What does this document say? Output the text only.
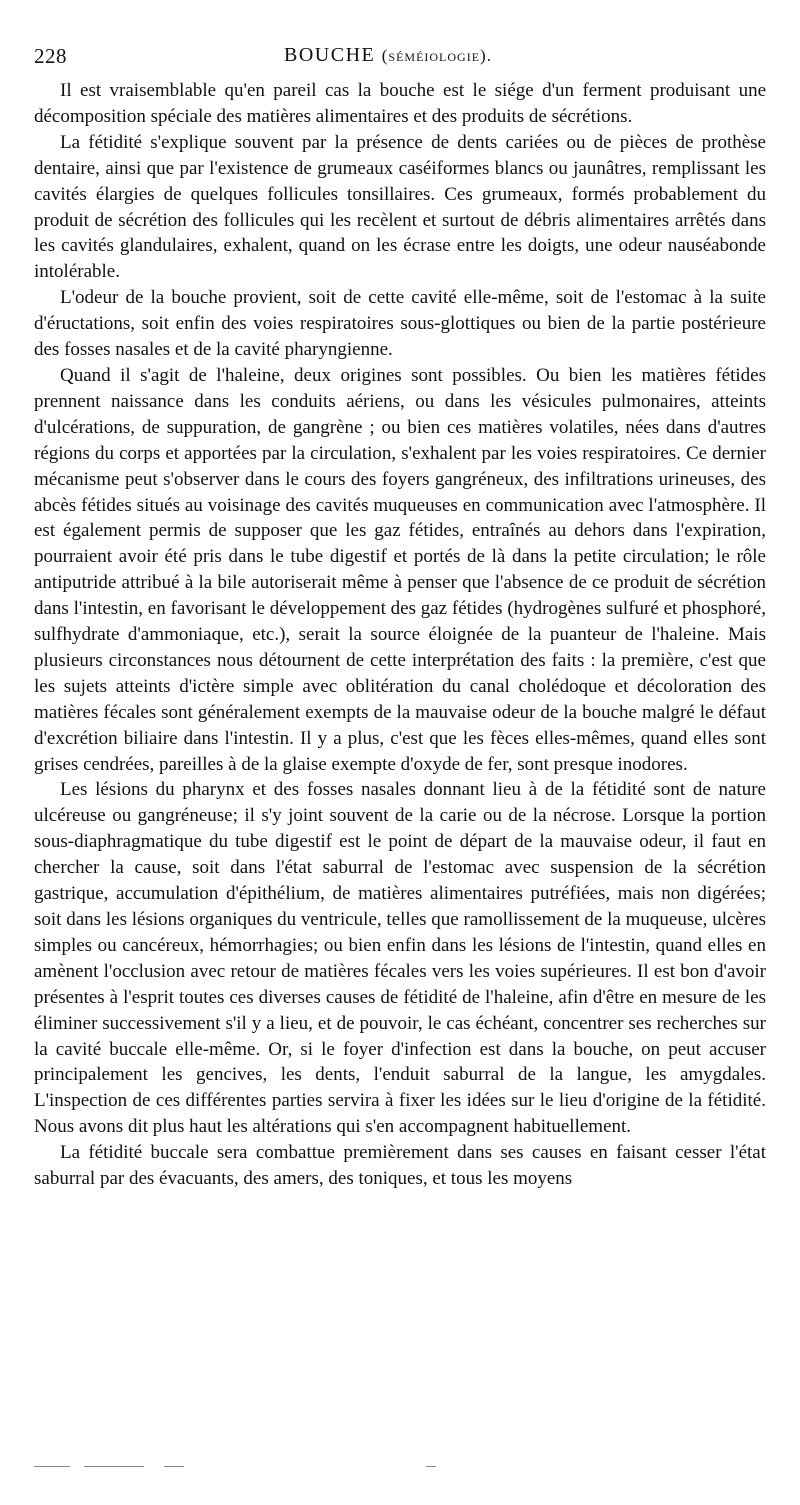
228	BOUCHE (séméiologie).

Il est vraisemblable qu'en pareil cas la bouche est le siége d'un ferment produisant une décomposition spéciale des matières alimentaires et des produits de sécrétions.

La fétidité s'explique souvent par la présence de dents cariées ou de pièces de prothèse dentaire, ainsi que par l'existence de grumeaux caséiformes blancs ou jaunâtres, remplissant les cavités élargies de quelques follicules tonsillaires. Ces grumeaux, formés probablement du produit de sécrétion des follicules qui les recèlent et surtout de débris alimentaires arrêtés dans les cavités glandulaires, exhalent, quand on les écrase entre les doigts, une odeur nauséabonde intolérable.

L'odeur de la bouche provient, soit de cette cavité elle-même, soit de l'estomac à la suite d'éructations, soit enfin des voies respiratoires sous-glottiques ou bien de la partie postérieure des fosses nasales et de la cavité pharyngienne.

Quand il s'agit de l'haleine, deux origines sont possibles. Ou bien les matières fétides prennent naissance dans les conduits aériens, ou dans les vésicules pulmonaires, atteints d'ulcérations, de suppuration, de gangrène ; ou bien ces matières volatiles, nées dans d'autres régions du corps et apportées par la circulation, s'exhalent par les voies respiratoires. Ce dernier mécanisme peut s'observer dans le cours des foyers gangréneux, des infiltrations urineuses, des abcès fétides situés au voisinage des cavités muqueuses en communication avec l'atmosphère. Il est également permis de supposer que les gaz fétides, entraînés au dehors dans l'expiration, pourraient avoir été pris dans le tube digestif et portés de là dans la petite circulation; le rôle antiputride attribué à la bile autoriserait même à penser que l'absence de ce produit de sécrétion dans l'intestin, en favorisant le développement des gaz fétides (hydrogènes sulfuré et phosphoré, sulfhydrate d'ammoniaque, etc.), serait la source éloignée de la puanteur de l'haleine. Mais plusieurs circonstances nous détournent de cette interprétation des faits : la première, c'est que les sujets atteints d'ictère simple avec oblitération du canal cholédoque et décoloration des matières fécales sont généralement exempts de la mauvaise odeur de la bouche malgré le défaut d'excrétion biliaire dans l'intestin. Il y a plus, c'est que les fèces elles-mêmes, quand elles sont grises cendrées, pareilles à de la glaise exempte d'oxyde de fer, sont presque inodores.

Les lésions du pharynx et des fosses nasales donnant lieu à de la fétidité sont de nature ulcéreuse ou gangréneuse; il s'y joint souvent de la carie ou de la nécrose. Lorsque la portion sous-diaphragmatique du tube digestif est le point de départ de la mauvaise odeur, il faut en chercher la cause, soit dans l'état saburral de l'estomac avec suspension de la sécrétion gastrique, accumulation d'épithélium, de matières alimentaires putréfiées, mais non digérées; soit dans les lésions organiques du ventricule, telles que ramollissement de la muqueuse, ulcères simples ou cancéreux, hémorrhagies; ou bien enfin dans les lésions de l'intestin, quand elles en amènent l'occlusion avec retour de matières fécales vers les voies supérieures. Il est bon d'avoir présentes à l'esprit toutes ces diverses causes de fétidité de l'haleine, afin d'être en mesure de les éliminer successivement s'il y a lieu, et de pouvoir, le cas échéant, concentrer ses recherches sur la cavité buccale elle-même. Or, si le foyer d'infection est dans la bouche, on peut accuser principalement les gencives, les dents, l'enduit saburral de la langue, les amygdales. L'inspection de ces différentes parties servira à fixer les idées sur le lieu d'origine de la fétidité. Nous avons dit plus haut les altérations qui s'en accompagnent habituellement.

La fétidité buccale sera combattue premièrement dans ses causes en faisant cesser l'état saburral par des évacuants, des amers, des toniques, et tous les moyens
